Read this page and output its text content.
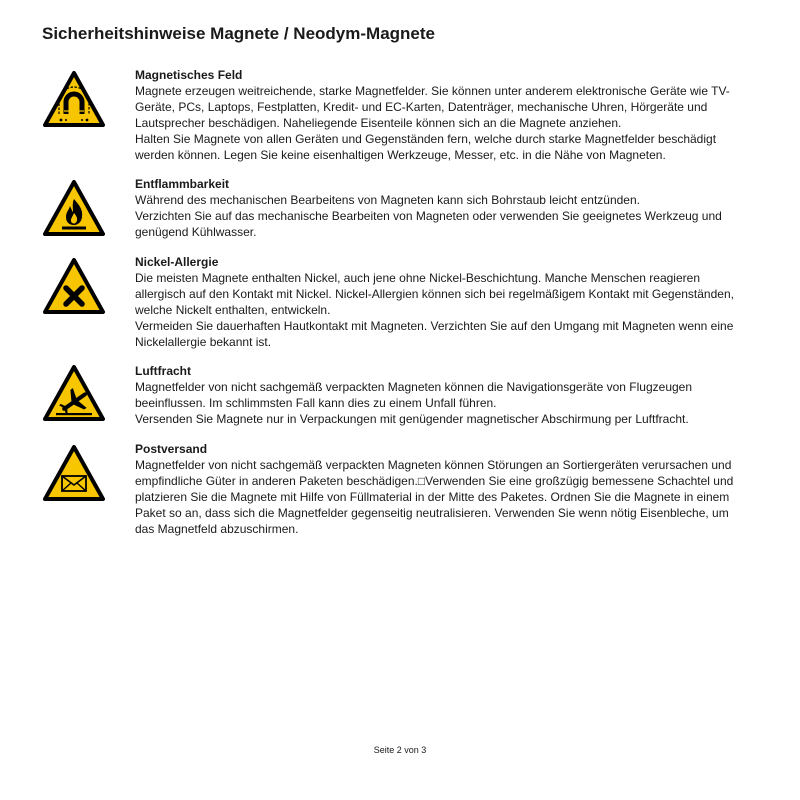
Sicherheitshinweise Magnete / Neodym-Magnete
Magnetisches Feld

Magnete erzeugen weitreichende, starke Magnetfelder. Sie können unter anderem elektronische Geräte wie TV-Geräte, PCs, Laptops, Festplatten, Kredit- und EC-Karten, Datenträger, mechanische Uhren, Hörgeräte und Lautsprecher beschädigen. Naheliegende Eisenteile können sich an die Magnete anziehen.

Halten Sie Magnete von allen Geräten und Gegenständen fern, welche durch starke Magnetfelder beschädigt werden können. Legen Sie keine eisenhaltigen Werkzeuge, Messer, etc. in die Nähe von Magneten.

Entflammbarkeit

Während des mechanischen Bearbeitens von Magneten kann sich Bohrstaub leicht entzünden.

Verzichten Sie auf das mechanische Bearbeiten von Magneten oder verwenden Sie geeignetes Werkzeug und genügend Kühlwasser.

Nickel-Allergie

Die meisten Magnete enthalten Nickel, auch jene ohne Nickel-Beschichtung. Manche Menschen reagieren allergisch auf den Kontakt mit Nickel. Nickel-Allergien können sich bei regelmäßigem Kontakt mit Gegenständen, welche Nickelt enthalten, entwickeln.

Vermeiden Sie dauerhaften Hautkontakt mit Magneten. Verzichten Sie auf den Umgang mit Magneten wenn eine Nickelallergie bekannt ist.

Luftfracht

Magnetfelder von nicht sachgemäß verpackten Magneten können die Navigationsgeräte von Flugzeugen beeinflussen. Im schlimmsten Fall kann dies zu einem Unfall führen.

Versenden Sie Magnete nur in Verpackungen mit genügender magnetischer Abschirmung per Luftfracht.

Postversand

Magnetfelder von nicht sachgemäß verpackten Magneten können Störungen an Sortiergeräten verursachen und empfindliche Güter in anderen Paketen beschädigen.□Verwenden Sie eine großzügig bemessene Schachtel und platzieren Sie die Magnete mit Hilfe von Füllmaterial in der Mitte des Paketes. Ordnen Sie die Magnete in einem Paket so an, dass sich die Magnetfelder gegenseitig neutralisieren. Verwenden Sie wenn nötig Eisenbleche, um das Magnetfeld abzuschirmen.

Seite 2 von 3
